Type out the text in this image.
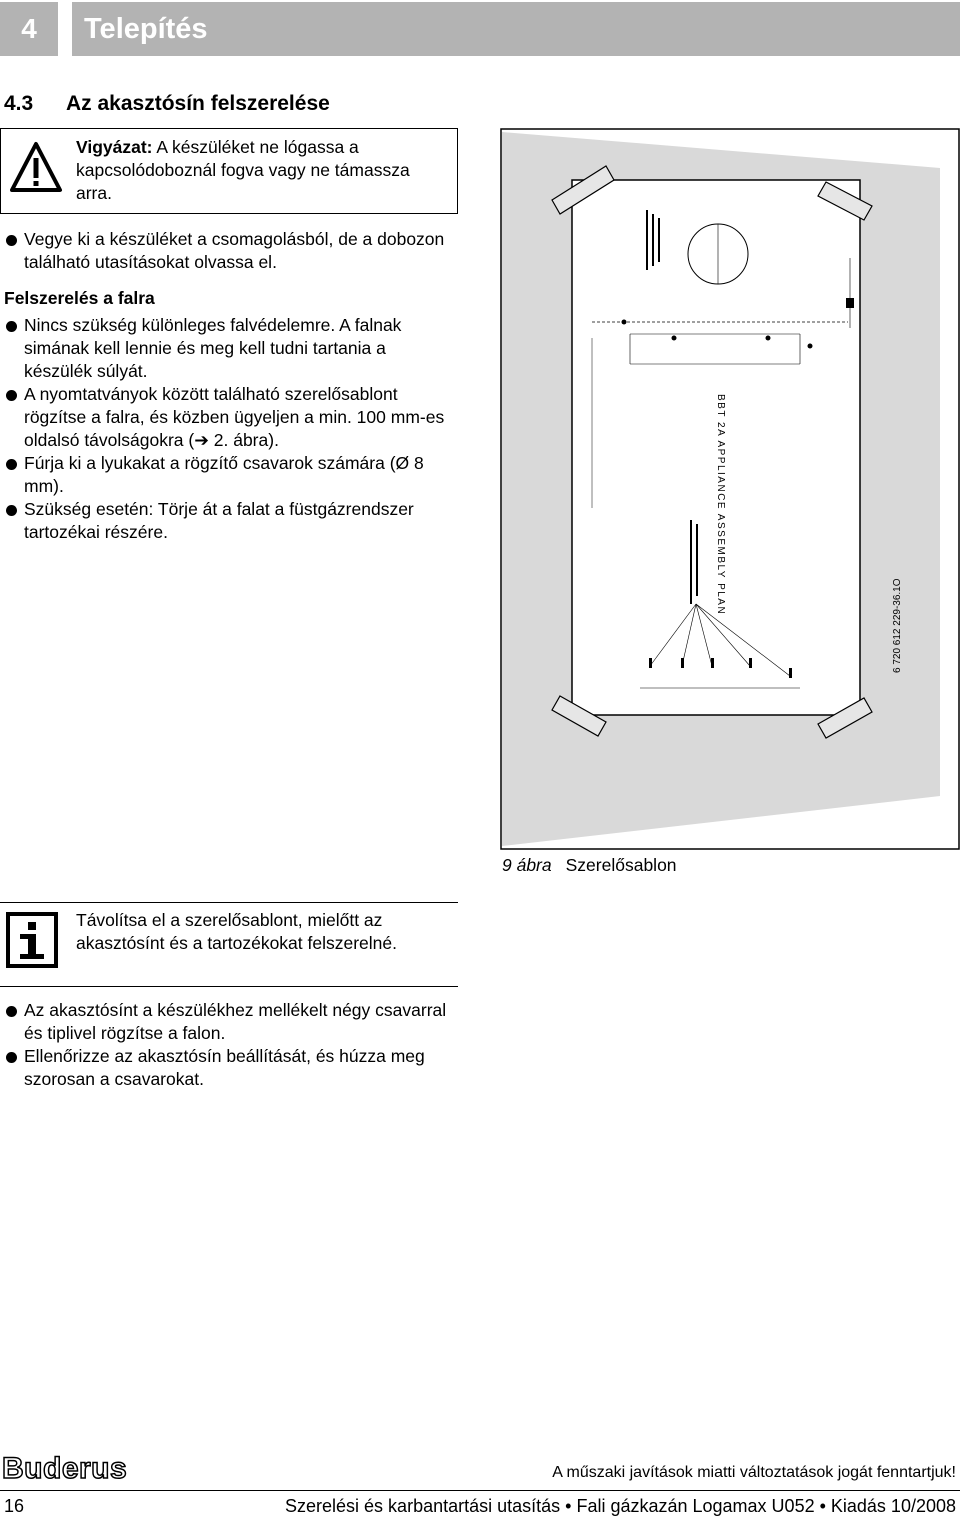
4	Telepítés
4.3 Az akasztósín felszerelése
Vigyázat: A készüléket ne lógassa a kapcsolódoboznál fogva vagy ne támassza arra.
Vegye ki a készüléket a csomagolásból, de a dobozon található utasításokat olvassa el.
Felszerelés a falra
Nincs szükség különleges falvédelemre. A falnak simának kell lennie és meg kell tudni tartania a készülék súlyát.
A nyomtatványok között található szerelősablont rögzítse a falra, és közben ügyeljen a min. 100 mm-es oldalsó távolságokra (➔ 2. ábra).
Fúrja ki a lyukakat a rögzítő csavarok számára (Ø 8 mm).
Szükség esetén: Törje át a falat a füstgázrendszer tartozékai részére.	BBT 2A APPLIANCE ASSEMBLY PLAN
6 720 612 229-36.1O
9 ábra Szerelősablon
Távolítsa el a szerelősablont, mielőtt az akasztósínt és a tartozékokat felszerelné.
Az akasztósínt a készülékhez mellékelt négy csavarral és tiplivel rögzítse a falon.
Ellenőrizze az akasztósín beállítását, és húzza meg szorosan a csavarokat.
Buderus	A műszaki javítások miatti változtatások jogát fenntartjuk!
16	Szerelési és karbantartási utasítás • Fali gázkazán Logamax U052 • Kiadás 10/2008
